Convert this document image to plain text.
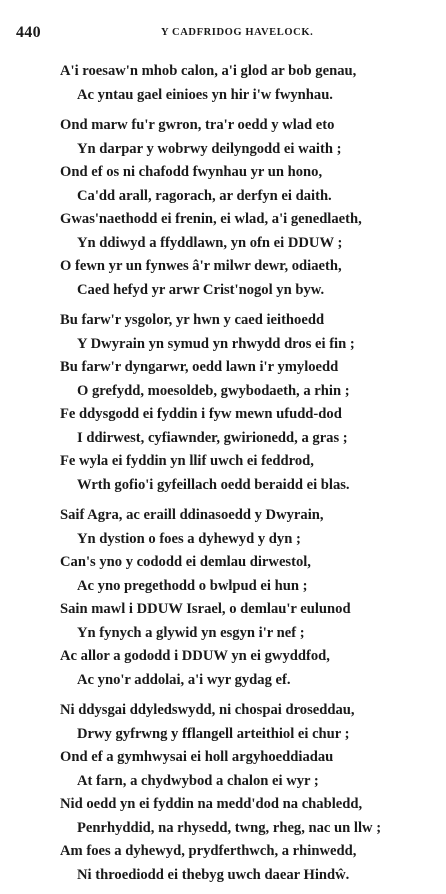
440	Y CADFRIDOG HAVELOCK.
A'i roesaw'n mhob calon, a'i glod ar bob genau,
Ac yntau gael einioes yn hir i'w fwynhau.
Ond marw fu'r gwron, tra'r oedd y wlad eto
Yn darpar y wobrwy deilyngodd ei waith ;
Ond ef os ni chafodd fwynhau yr un hono,
Ca'dd arall, ragorach, ar derfyn ei daith.
Gwas'naethodd ei frenin, ei wlad, a'i genedlaeth,
Yn ddiwyd a ffyddlawn, yn ofn ei DDUW ;
O fewn yr un fynwes â'r milwr dewr, odiaeth,
Caed hefyd yr arwr Crist'nogol yn byw.
Bu farw'r ysgolor, yr hwn y caed ieithoedd
Y Dwyrain yn symud yn rhwydd dros ei fin ;
Bu farw'r dyngarwr, oedd lawn i'r ymyloedd
O grefydd, moesoldeb, gwybodaeth, a rhin ;
Fe ddysgodd ei fyddin i fyw mewn ufudd-dod
I ddirwest, cyfiawnder, gwirionedd, a gras ;
Fe wyla ei fyddin yn llif uwch ei feddrod,
Wrth gofio'i gyfeillach oedd beraidd ei blas.
Saif Agra, ac eraill ddinasoedd y Dwyrain,
Yn dystion o foes a dyhewyd y dyn ;
Can's yno y cododd ei demlau dirwestol,
Ac yno pregethodd o bwlpud ei hun ;
Sain mawl i DDUW Israel, o demlau'r eulunod
Yn fynych a glywid yn esgyn i'r nef ;
Ac allor a gododd i DDUW yn ei gwyddfod,
Ac yno'r addolai, a'i wyr gydag ef.
Ni ddysgai ddyledswydd, ni chospai droseddau,
Drwy gyfrwng y fflangell arteithiol ei chur ;
Ond ef a gymhwysai ei holl argyhoeddiadau
At farn, a chydwybod a chalon ei wyr ;
Nid oedd yn ei fyddin na medd'dod na chabledd,
Penrhyddid, na rhysedd, twng, rheg, nac un llw ;
Am foes a dyhewyd, prydferthwch, a rhinwedd,
Ni throediodd ei thebyg uwch daear Hindŵ.
